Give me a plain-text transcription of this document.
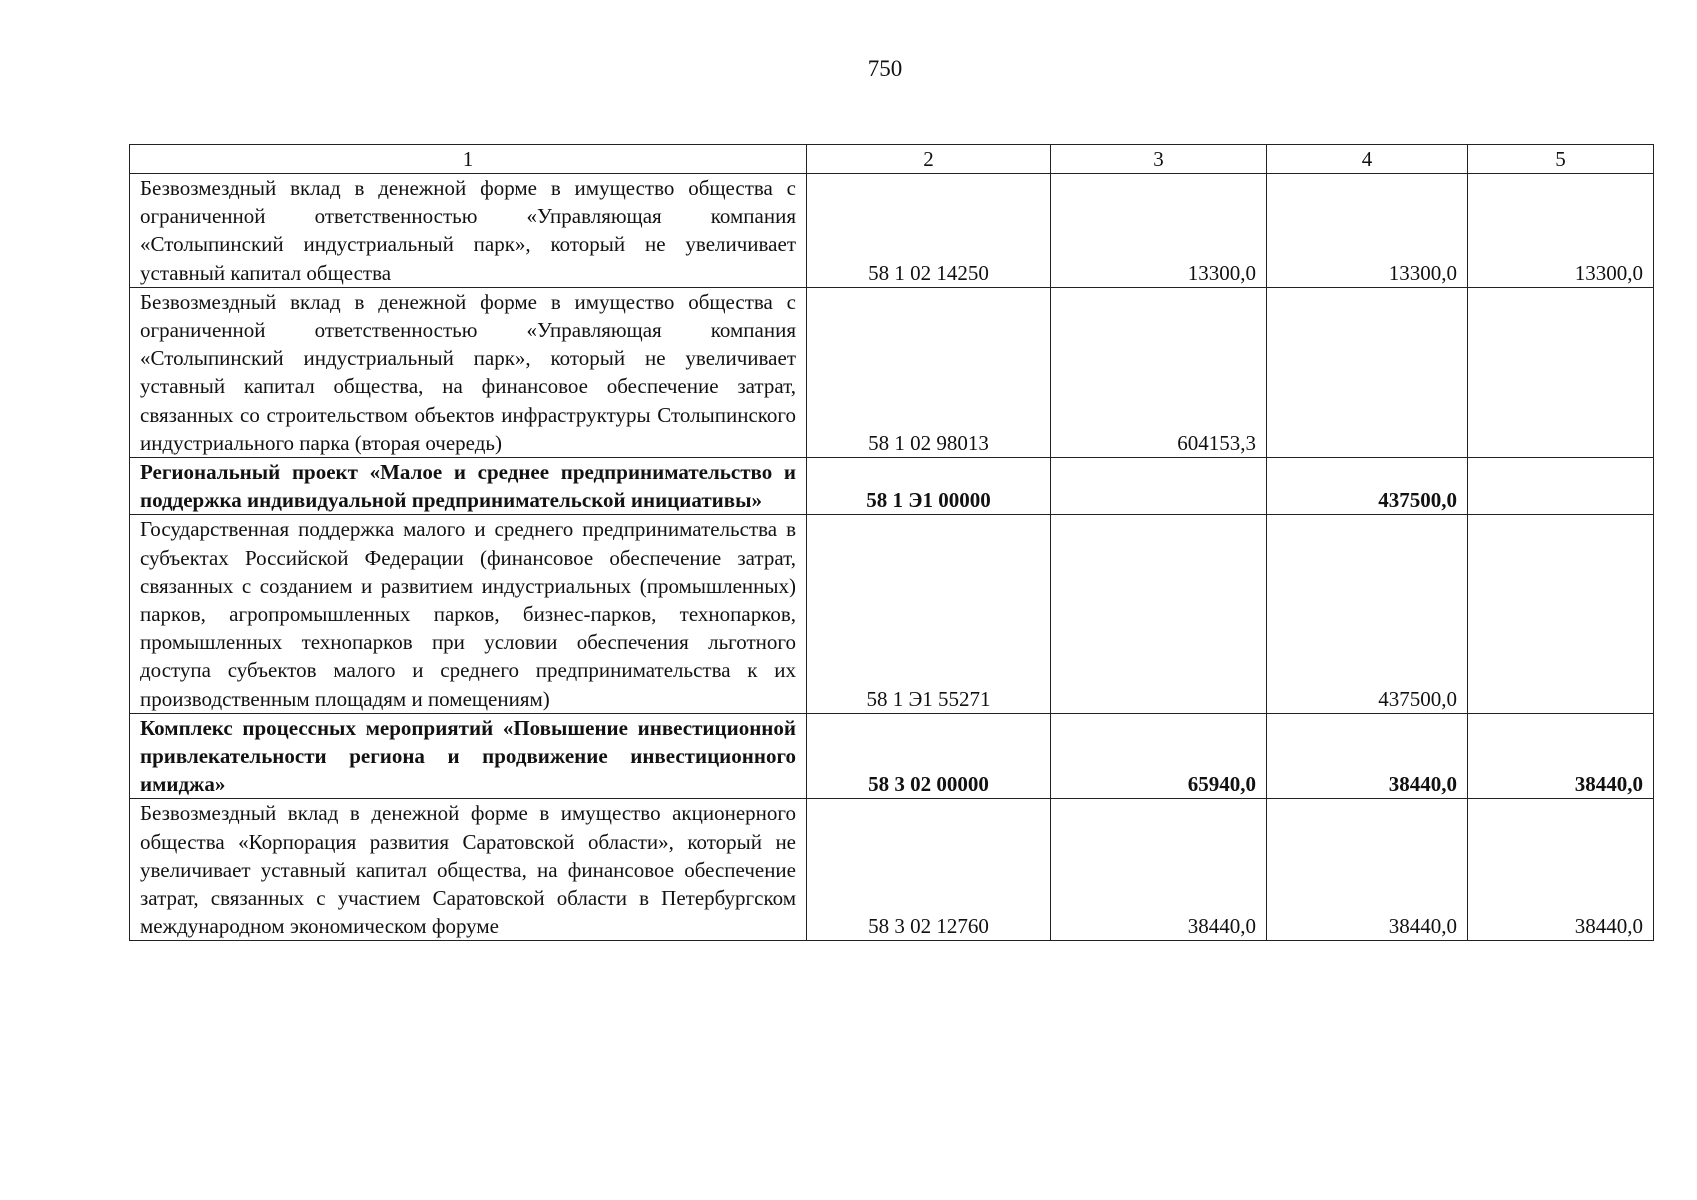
750
1	2	3	4	5
Безвозмездный вклад в денежной форме в имущество общества с ограниченной ответственностью «Управляющая компания «Столыпинский индустриальный парк», который не увеличивает уставный капитал общества	58 1 02 14250	13300,0	13300,0	13300,0
Безвозмездный вклад в денежной форме в имущество общества с ограниченной ответственностью «Управляющая компания «Столыпинский индустриальный парк», который не увеличивает уставный капитал общества, на финансовое обеспечение затрат, связанных со строительством объектов инфраструктуры Столыпинского индустриального парка (вторая очередь)	58 1 02 98013	604153,3		
Региональный проект «Малое и среднее предпринимательство и поддержка индивидуальной предпринимательской инициативы»	58 1 Э1 00000		437500,0	
Государственная поддержка малого и среднего предпринимательства в субъектах Российской Федерации (финансовое обеспечение затрат, связанных с созданием и развитием индустриальных (промышленных) парков, агропромышленных парков, бизнес-парков, технопарков, промышленных технопарков при условии обеспечения льготного доступа субъектов малого и среднего предпринимательства к их производственным площадям и помещениям)	58 1 Э1 55271		437500,0	
Комплекс процессных мероприятий «Повышение инвестиционной привлекательности региона и продвижение инвестиционного имиджа»	58 3 02 00000	65940,0	38440,0	38440,0
Безвозмездный вклад в денежной форме в имущество акционерного общества «Корпорация развития Саратовской области», который не увеличивает уставный капитал общества, на финансовое обеспечение затрат, связанных с участием Саратовской области в Петербургском международном экономическом форуме	58 3 02 12760	38440,0	38440,0	38440,0
